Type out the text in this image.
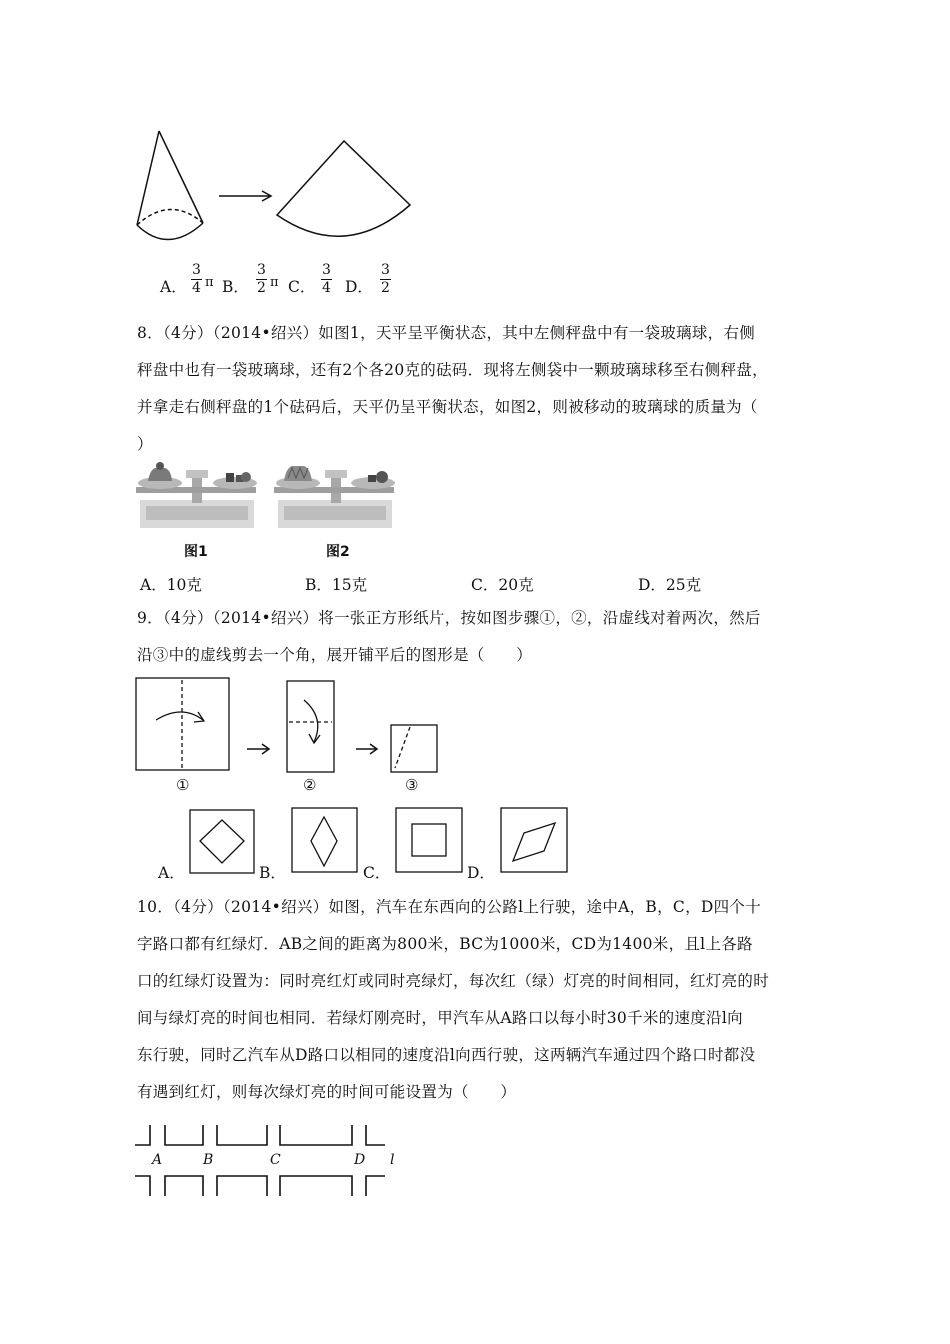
A．
3
4 π B．
3
2 π C．
3
4 D．
3
2
8．（4分）（2014•绍兴）如图1，天平呈平衡状态，其中左侧秤盘中有一袋玻璃球，右侧
秤盘中也有一袋玻璃球，还有2个各20克的砝码．现将左侧袋中一颗玻璃球移至右侧秤盘，
并拿走右侧秤盘的1个砝码后，天平仍呈平衡状态，如图2，则被移动的玻璃球的质量为（
）
图1	图2
A．10克	B．15克	C．20克	D．25克
9．（4分）（2014•绍兴）将一张正方形纸片，按如图步骤①，②，沿虚线对着两次，然后
沿③中的虚线剪去一个角，展开铺平后的图形是（　　）
①	②	③
A．	B．	C．	D．
10．（4分）（2014•绍兴）如图，汽车在东西向的公路l上行驶，途中A，B，C，D四个十
字路口都有红绿灯．AB之间的距离为800米，BC为1000米，CD为1400米，且l上各路
口的红绿灯设置为：同时亮红灯或同时亮绿灯，每次红（绿）灯亮的时间相同，红灯亮的时
间与绿灯亮的时间也相同．若绿灯刚亮时，甲汽车从A路口以每小时30千米的速度沿l向
东行驶，同时乙汽车从D路口以相同的速度沿l向西行驶，这两辆汽车通过四个路口时都没
有遇到红灯，则每次绿灯亮的时间可能设置为（　　）
A	B	C	D l
